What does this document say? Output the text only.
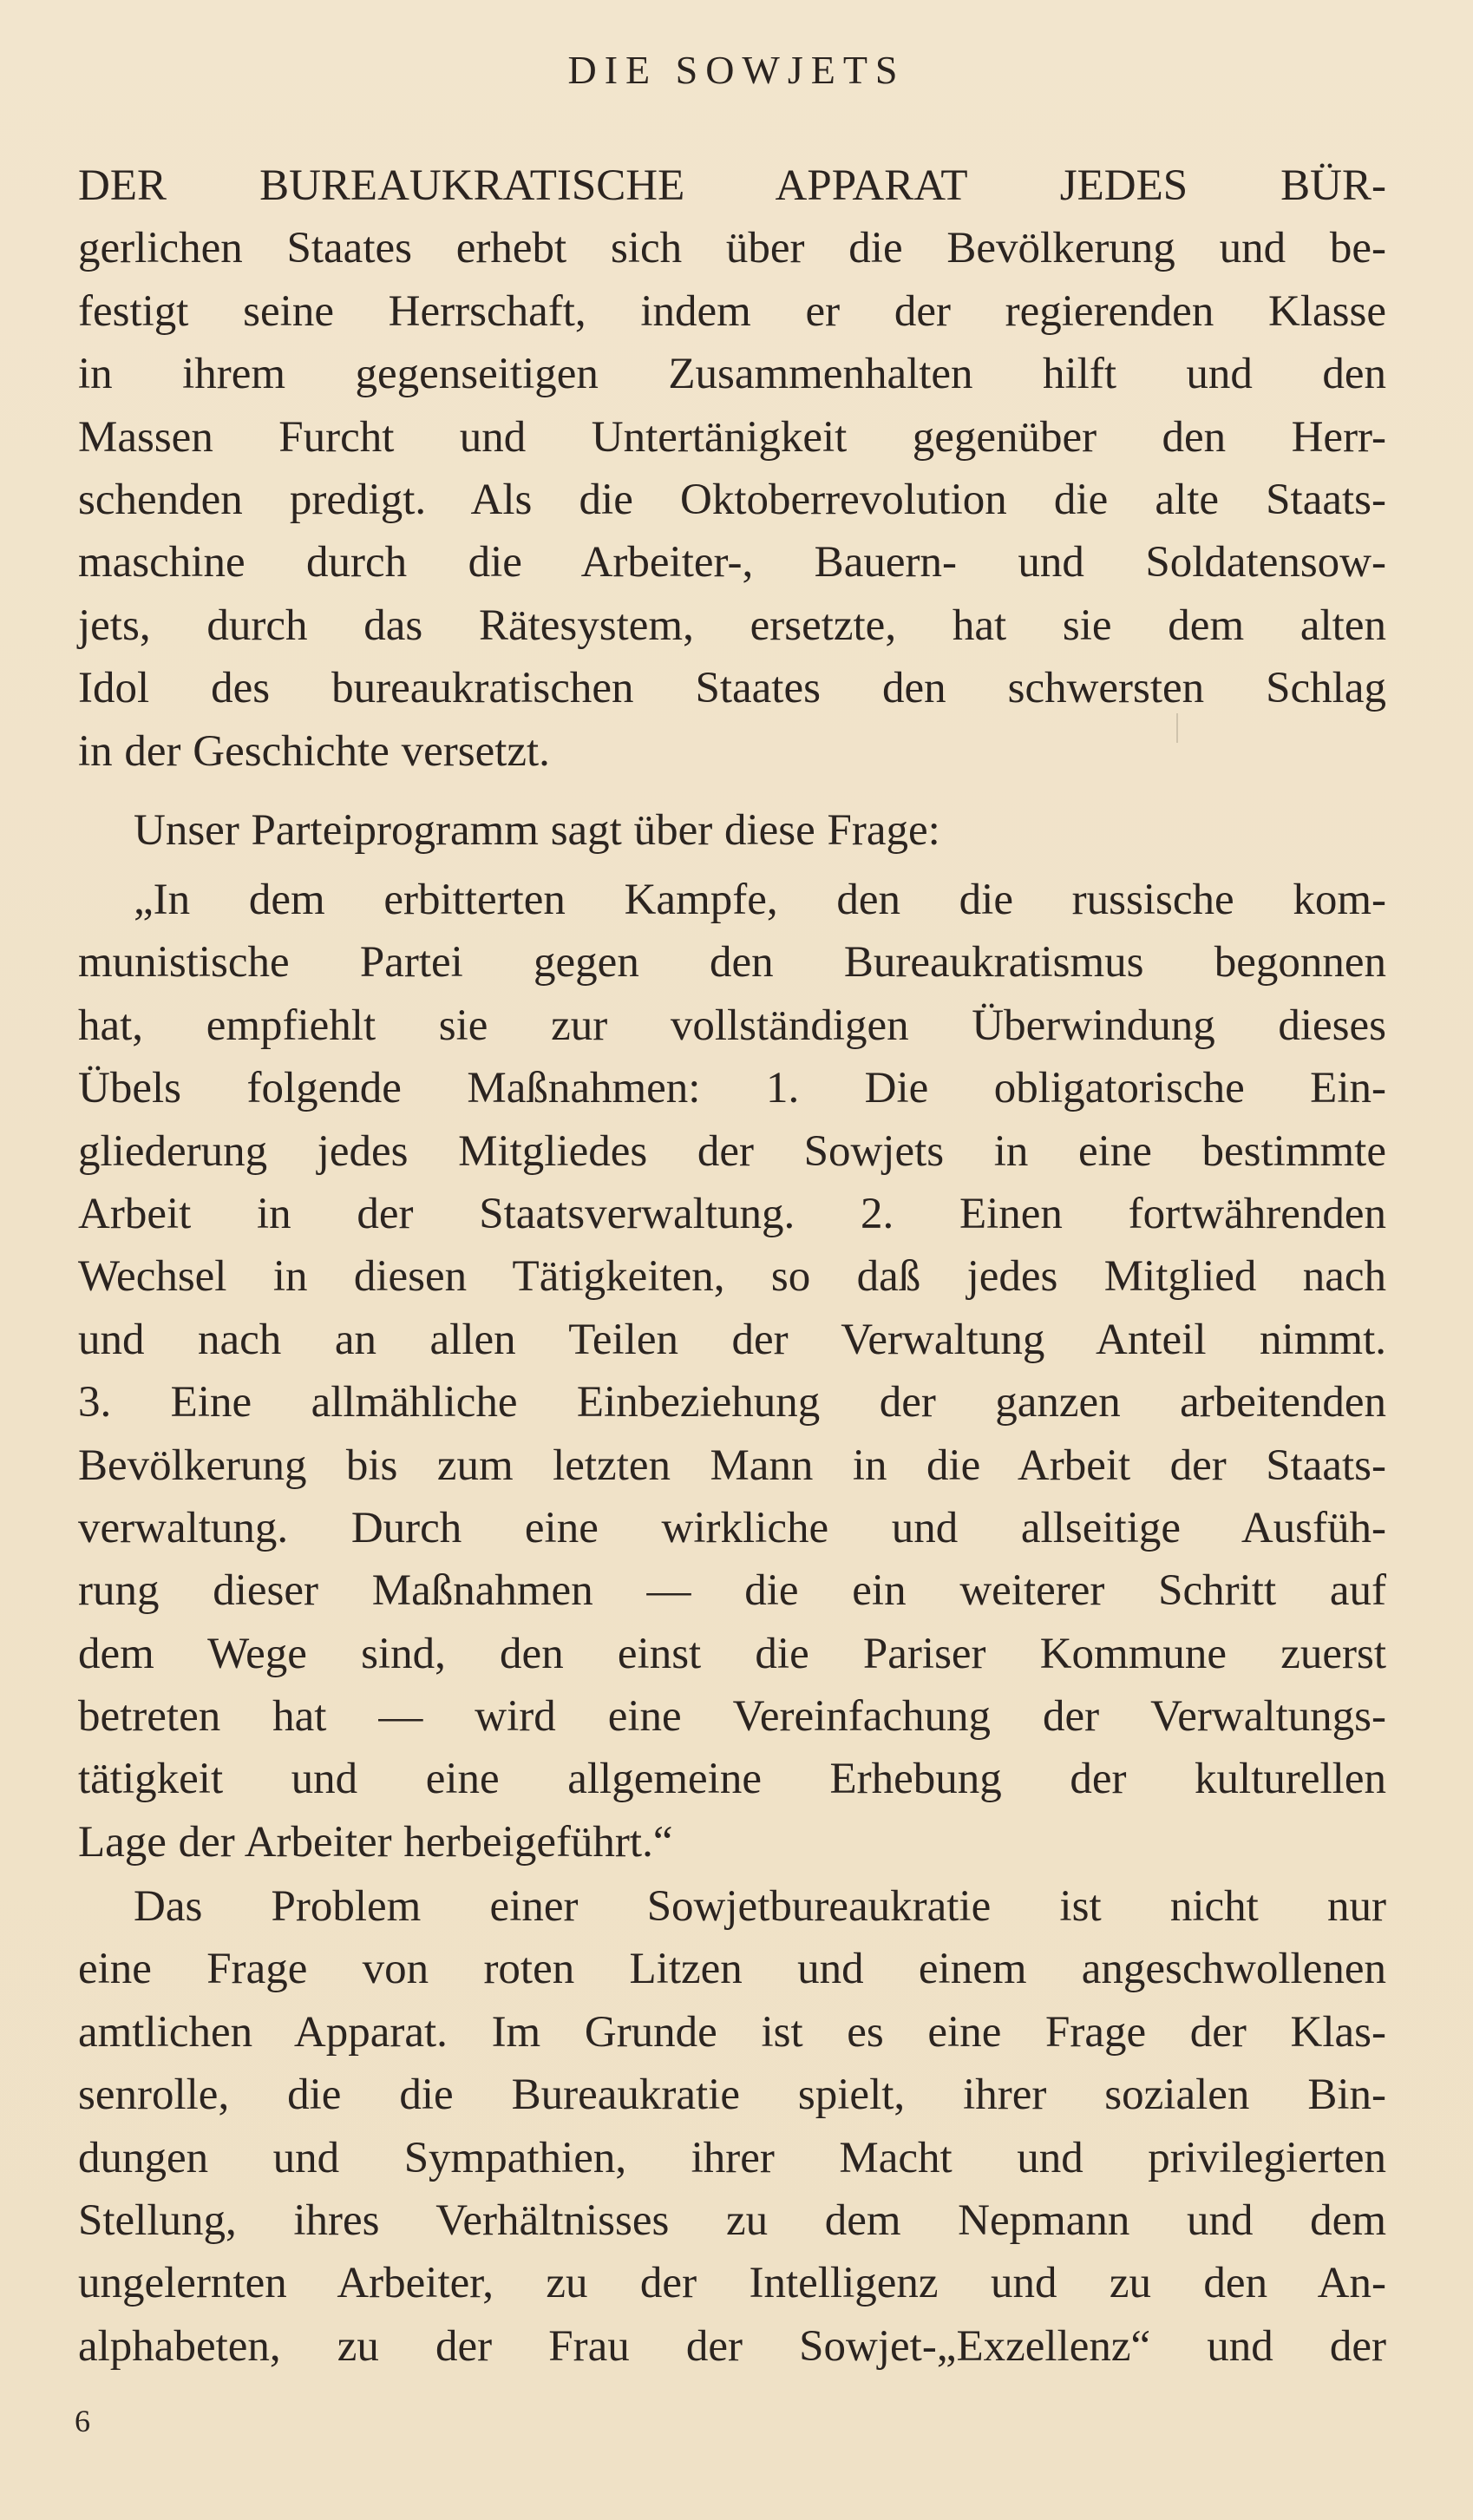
DIE SOWJETS
DER BUREAUKRATISCHE APPARAT JEDES BÜR-
gerlichen Staates erhebt sich über die Bevölkerung und be-
festigt seine Herrschaft, indem er der regierenden Klasse
in ihrem gegenseitigen Zusammenhalten hilft und den
Massen Furcht und Untertänigkeit gegenüber den Herr-
schenden predigt. Als die Oktoberrevolution die alte Staats-
maschine durch die Arbeiter-, Bauern- und Soldatensow-
jets, durch das Rätesystem, ersetzte, hat sie dem alten
Idol des bureaukratischen Staates den schwersten Schlag
in der Geschichte versetzt.
Unser Parteiprogramm sagt über diese Frage:
„In dem erbitterten Kampfe, den die russische kom-
munistische Partei gegen den Bureaukratismus begonnen
hat, empfiehlt sie zur vollständigen Überwindung dieses
Übels folgende Maßnahmen: 1. Die obligatorische Ein-
gliederung jedes Mitgliedes der Sowjets in eine bestimmte
Arbeit in der Staatsverwaltung. 2. Einen fortwährenden
Wechsel in diesen Tätigkeiten, so daß jedes Mitglied nach
und nach an allen Teilen der Verwaltung Anteil nimmt.
3. Eine allmähliche Einbeziehung der ganzen arbeitenden
Bevölkerung bis zum letzten Mann in die Arbeit der Staats-
verwaltung. Durch eine wirkliche und allseitige Ausfüh-
rung dieser Maßnahmen — die ein weiterer Schritt auf
dem Wege sind, den einst die Pariser Kommune zuerst
betreten hat — wird eine Vereinfachung der Verwaltungs-
tätigkeit und eine allgemeine Erhebung der kulturellen
Lage der Arbeiter herbeigeführt.“
Das Problem einer Sowjetbureaukratie ist nicht nur
eine Frage von roten Litzen und einem angeschwollenen
amtlichen Apparat. Im Grunde ist es eine Frage der Klas-
senrolle, die die Bureaukratie spielt, ihrer sozialen Bin-
dungen und Sympathien, ihrer Macht und privilegierten
Stellung, ihres Verhältnisses zu dem Nepmann und dem
ungelernten Arbeiter, zu der Intelligenz und zu den An-
alphabeten, zu der Frau der Sowjet-„Exzellenz“ und der
6
